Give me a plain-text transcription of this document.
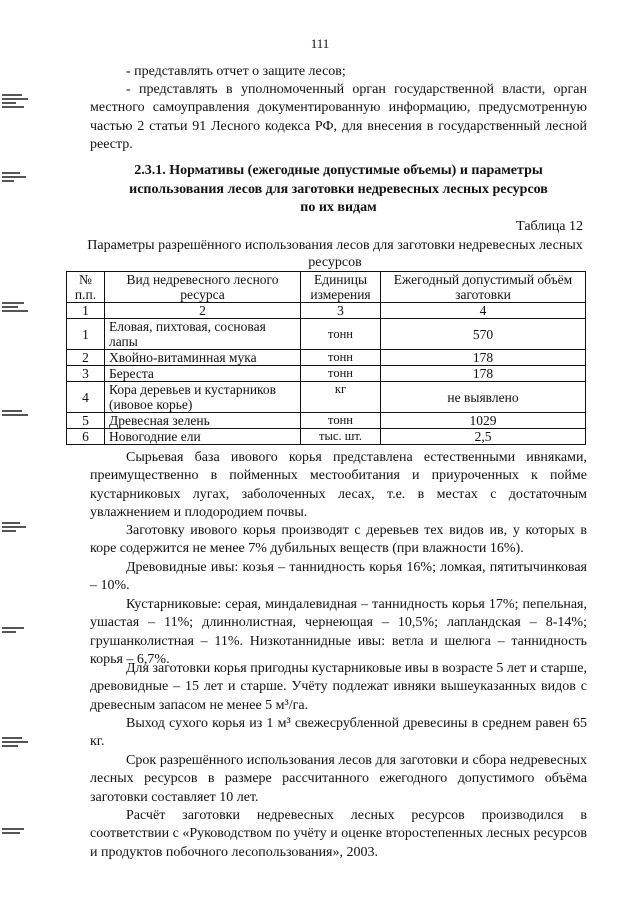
111

- представлять отчет о защите лесов;

- представлять в уполномоченный орган государственной власти, орган местного самоуправления документированную информацию, предусмотренную частью 2 статьи 91 Лесного кодекса РФ, для внесения в государственный лесной реестр.

2.3.1. Нормативы (ежегодные допустимые объемы) и параметры
использования лесов для заготовки недревесных лесных ресурсов
по их видам
Таблица 12

Параметры разрешённого использования лесов для заготовки недревесных лесных ресурсов

№ п.п.	Вид недревесного лесного ресурса	Единицы измерения	Ежегодный допустимый объём заготовки
1	2	3	4
1	Еловая, пихтовая, сосновая лапы	тонн	570
2	Хвойно-витаминная мука	тонн	178
3	Береста	тонн	178
4	Кора деревьев и кустарников (ивовое корье)	кг	не выявлено
5	Древесная зелень	тонн	1029
6	Новогодние ели	тыс. шт.	2,5

Сырьевая база ивового корья представлена естественными ивняками, преимущественно в пойменных местообитания и приуроченных к пойме кустарниковых лугах, заболоченных лесах, т.е. в местах с достаточным увлажнением и плодородием почвы.

Заготовку ивового корья производят с деревьев тех видов ив, у которых в коре содержится не менее 7% дубильных веществ (при влажности 16%).

Древовидные ивы: козья – таннидность корья 16%; ломкая, пятитычинковая – 10%.

Кустарниковые: серая, миндалевидная – таннидность корья 17%; пепельная, ушастая – 11%; длиннолистная, чернеющая – 10,5%; лапландская – 8-14%; грушанколистная – 11%. Низкотаннидные ивы: ветла и шелюга – таннидность корья – 6,7%.

Для заготовки корья пригодны кустарниковые ивы в возрасте 5 лет и старше, древовидные – 15 лет и старше. Учёту подлежат ивняки вышеуказанных видов с древесным запасом не менее 5 м³/га.

Выход сухого корья из 1 м³ свежесрубленной древесины в среднем равен 65 кг.

Срок разрешённого использования лесов для заготовки и сбора недревесных лесных ресурсов в размере рассчитанного ежегодного допустимого объёма заготовки составляет 10 лет.

Расчёт заготовки недревесных лесных ресурсов производился в соответствии с «Руководством по учёту и оценке второстепенных лесных ресурсов и продуктов побочного лесопользования», 2003.
